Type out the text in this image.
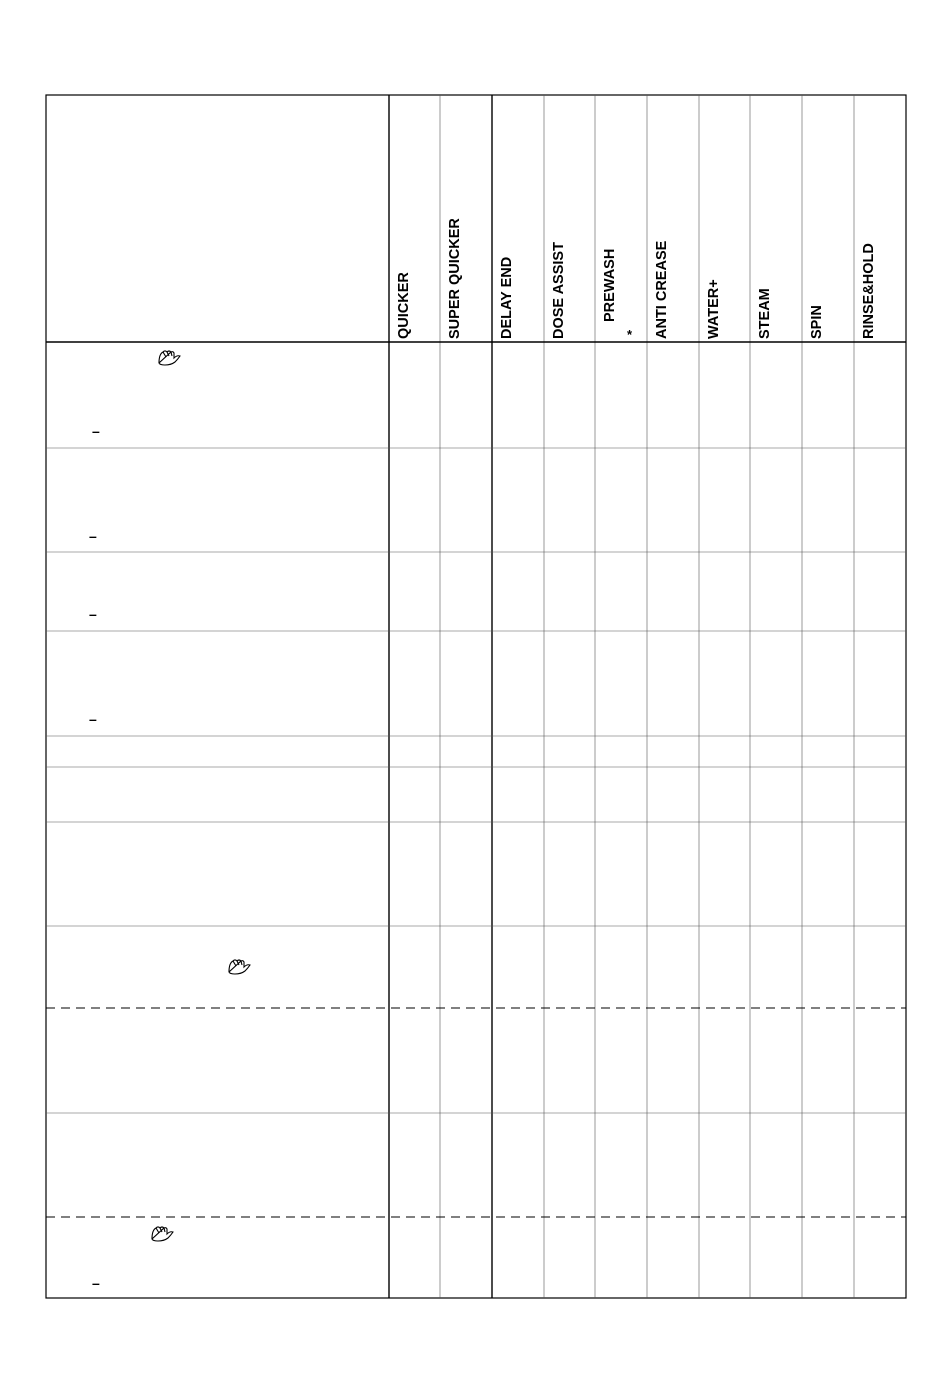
QUICKER SUPER QUICKER DELAY END DOSE ASSIST PREWASH ANTI CREASE WATER+ STEAM SPIN RINSE&HOLD
*
–
–
–
–
–
